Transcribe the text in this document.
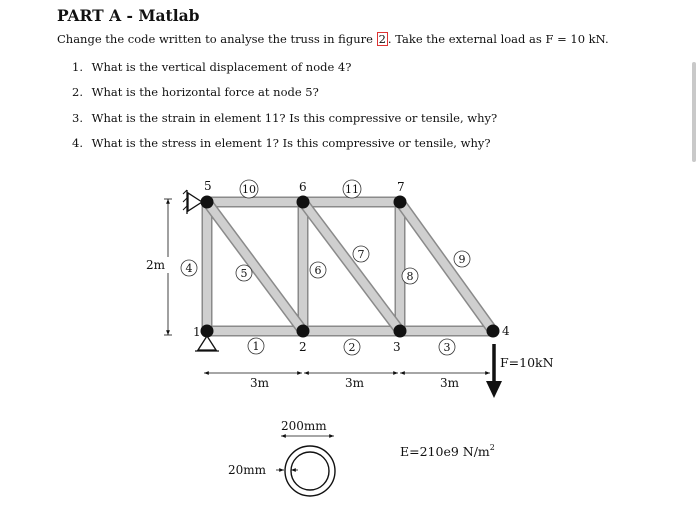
PART A - Matlab
Change the code written to analyse the truss in figure 2 . Take the external load as F = 10 kN.
1. What is the vertical displacement of node 4?
2. What is the horizontal force at node 5?
3. What is the strain in element 11? Is this compressive or tensile, why?
4. What is the stress in element 1? Is this compressive or tensile, why?
5	6	7
1
2	3
4
10	11
4	5	6
7
8
9
1	2	3
2m
3m	3m	3m
F=10kN
200mm
20mm
E=210e9 $N/m^2$
